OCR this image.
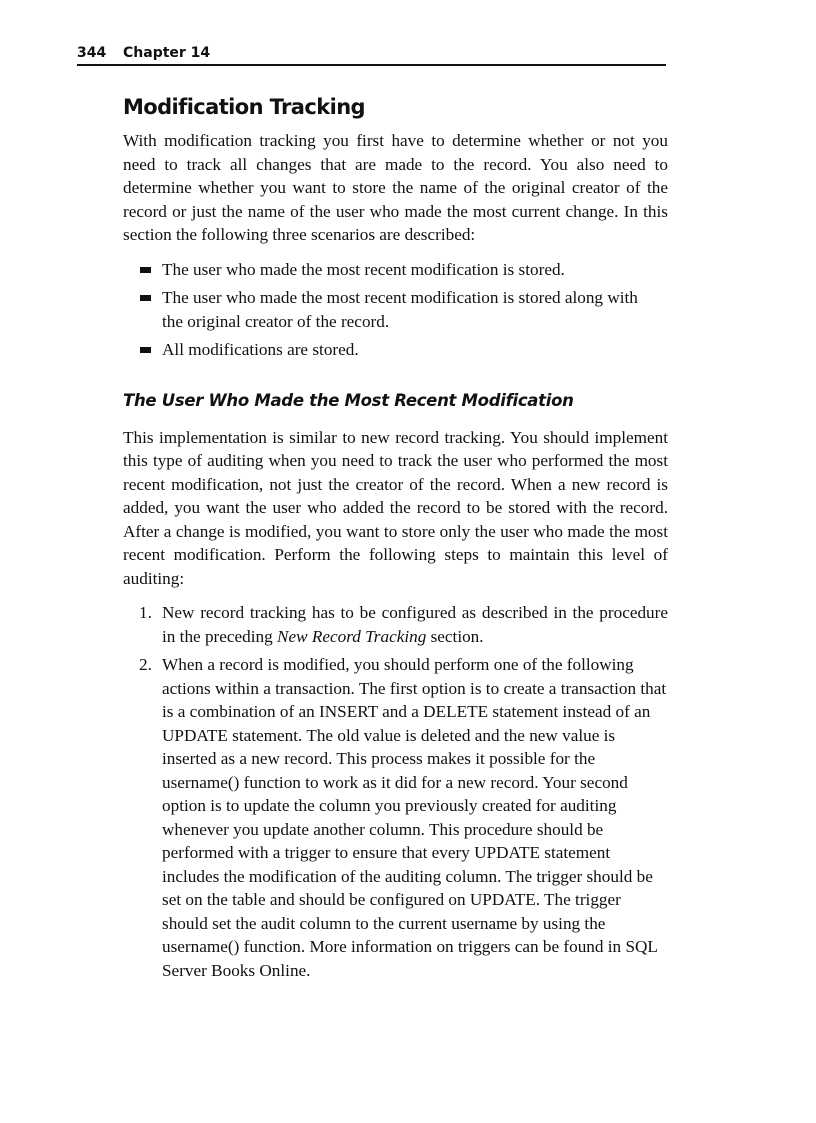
344 Chapter 14
Modification Tracking

With modification tracking you first have to determine whether or not you need to track all changes that are made to the record. You also need to determine whether you want to store the name of the original creator of the record or just the name of the user who made the most current change. In this section the following three scenarios are described:

The user who made the most recent modification is stored.
The user who made the most recent modification is stored along with the original creator of the record.
All modifications are stored.
The User Who Made the Most Recent Modification

This implementation is similar to new record tracking. You should implement this type of auditing when you need to track the user who performed the most recent modification, not just the creator of the record. When a new record is added, you want the user who added the record to be stored with the record. After a change is modified, you want to store only the user who made the most recent modification. Perform the following steps to maintain this level of auditing:

1. New record tracking has to be configured as described in the procedure in the preceding New Record Tracking section.

2. When a record is modified, you should perform one of the following actions within a transaction. The first option is to create a transaction that is a combination of an INSERT and a DELETE statement instead of an UPDATE statement. The old value is deleted and the new value is inserted as a new record. This process makes it possible for the username() function to work as it did for a new record. Your second option is to update the column you previously created for auditing whenever you update another column. This procedure should be performed with a trigger to ensure that every UPDATE statement includes the modification of the auditing column. The trigger should be set on the table and should be configured on UPDATE. The trigger should set the audit column to the current username by using the username() function. More information on triggers can be found in SQL Server Books Online.
